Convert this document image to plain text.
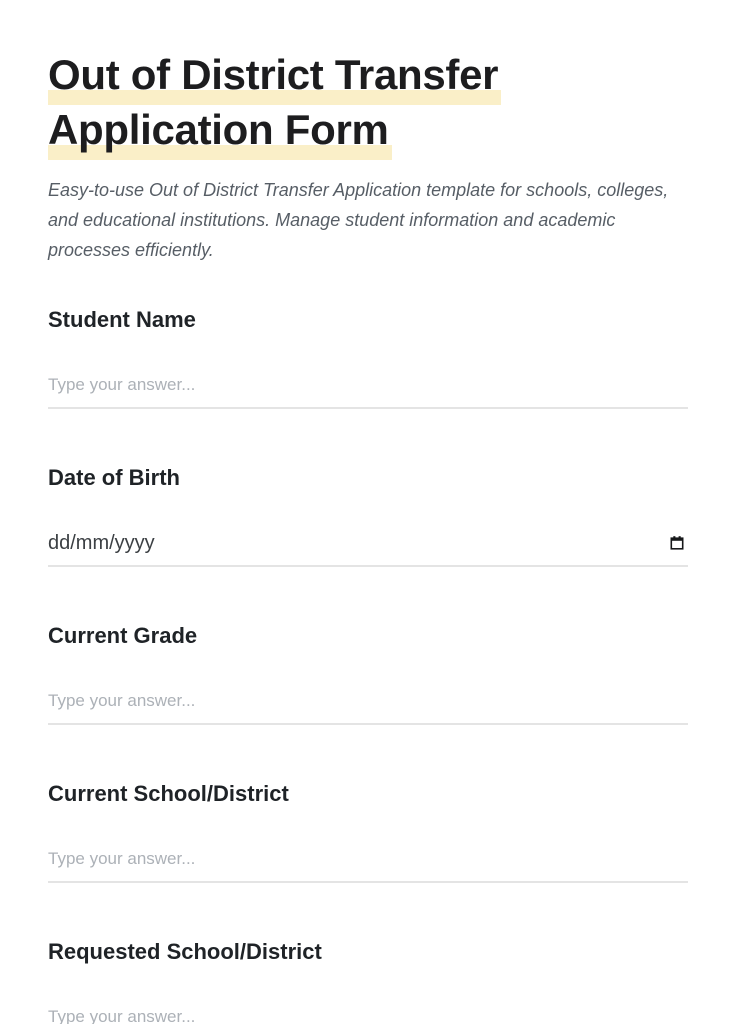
Out of District Transfer Application Form

Easy-to-use Out of District Transfer Application template for schools, colleges, and educational institutions. Manage student information and academic processes efficiently.

Student Name
Type your answer...
Date of Birth
dd/mm/yyyy
Current Grade
Type your answer...
Current School/District
Type your answer...
Requested School/District
Type your answer...
